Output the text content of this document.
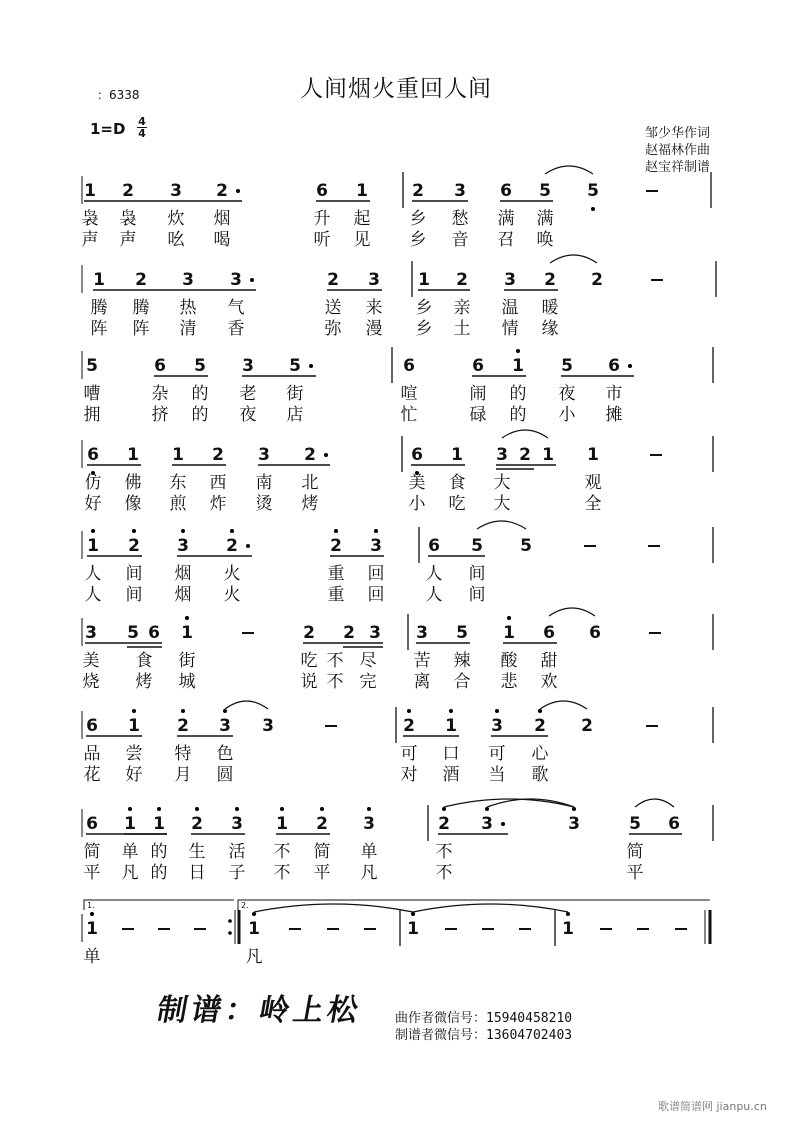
人间烟火重回人间
：6338
$1=D \frac{4}{4}$	邹少华作词
赵福林作曲
赵宝祥制谱
1 2 3 2	6 1	2 3 6 5 5
袅 袅 炊 烟	升 起 乡 愁 满 满
声 声 吆 喝	听 见 乡 音 召 唤
1 2 3 3	2 3 1 2 3 2 2
腾 腾 热 气	送 来 乡 亲 温 暖
阵 阵 清 香	弥 漫 乡 土 情 缘
5	6 5 3 5	6	6 1 5 6
嘈	杂 的 老 街	喧	闹 的 夜 市
拥	挤 的 夜 店	忙	碌 的 小 摊
6 1 1 2 3 2	6 1 3 2 1 1
仿 佛 东 西 南 北	美 食 大	观
好 像 煎 炸 烫 烤	小 吃 大	全
1 2 3 2	2 3	6 5 5
人 间 烟 火	重 回 人 间
人 间 烟 火	重 回 人 间
3 5 6 1	2 2 3 3 5 1 6 6
美 食 街	吃 不 尽 苦 辣 酸 甜
烧 烤 城	说 不 完 离 合 悲 欢
6 1 2 3 3	2 1 3 2 2
品 尝 特 色	可 口 可 心
花 好 月 圆	对 酒 当 歌
6 1 1 2 3 1 2 3	2 3	3	5 6
简 单 的 生 活 不 简 单	不	简
平 凡 的 日 子 不 平 凡	不	平
1	1	1	1
1.	2.
单	凡
制谱：岭上松 曲作者微信号：15940458210
制谱者微信号：13604702403
歌谱简谱网 jianpu.cn
